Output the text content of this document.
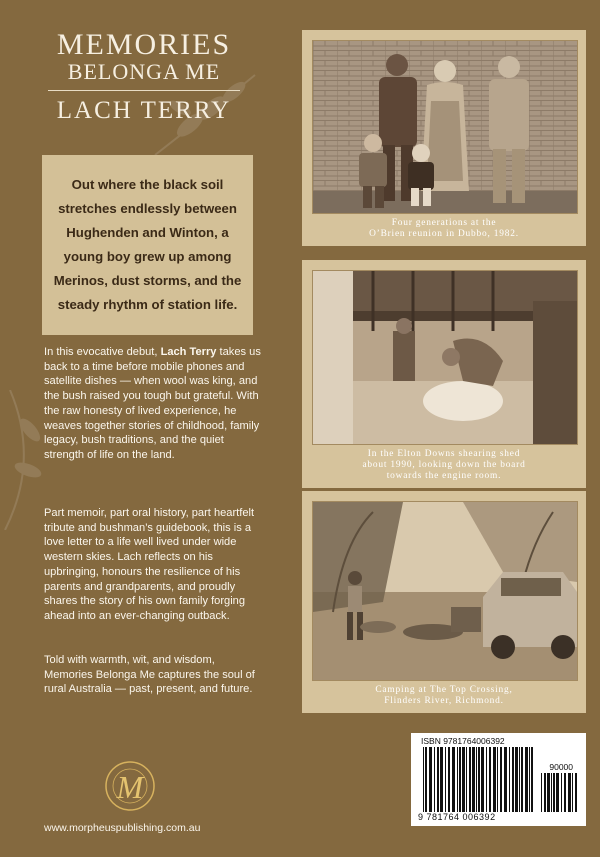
MEMORIES
BELONGA ME
LACH TERRY

Out where the black soil stretches endlessly between Hughenden and Winton, a young boy grew up among Merinos, dust storms, and the steady rhythm of station life.

In this evocative debut, Lach Terry takes us back to a time before mobile phones and satellite dishes — when wool was king, and the bush raised you tough but grateful. With the raw honesty of lived experience, he weaves together stories of childhood, family legacy, bush traditions, and the quiet strength of life on the land.

Part memoir, part oral history, part heartfelt tribute and bushman’s guidebook, this is a love letter to a life well lived under wide western skies. Lach reflects on his upbringing, honours the resilience of his parents and grandparents, and proudly shares the story of his own family forging ahead into an ever-changing outback.

Told with warmth, wit, and wisdom, Memories Belonga Me captures the soul of rural Australia — past, present, and future.

Four generations at the
O’Brien reunion in Dubbo, 1982.
In the Elton Downs shearing shed
about 1990, looking down the board
towards the engine room.
Camping at The Top Crossing,
Flinders River, Richmond.
M
www.morpheuspublishing.com.au
ISBN 9781764006392
90000
9 781764 006392
